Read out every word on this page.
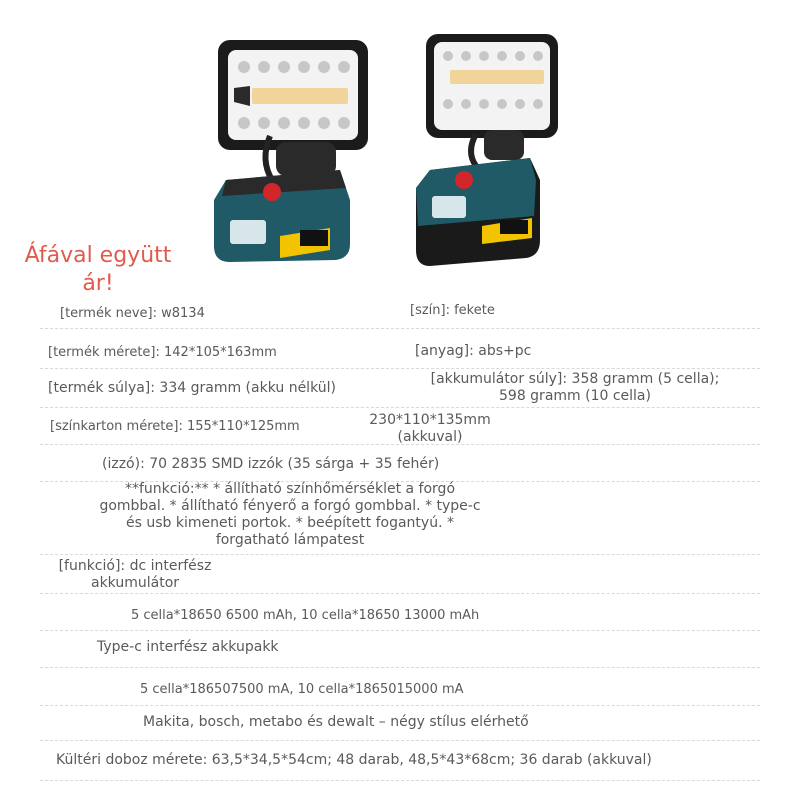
Áfával együtt
ár!
[termék neve]: w8134	[szín]: fekete
[termék mérete]: 142*105*163mm	[anyag]: abs+pc
[termék súlya]: 334 gramm (akku nélkül)
[akkumulátor súly]: 358 gramm (5 cella);
598 gramm (10 cella)
[színkarton mérete]: 155*110*125mm	230*110*135mm
(akkuval)
(izzó): 70 2835 SMD izzók (35 sárga + 35 fehér)
**funkció:** * állítható színhőmérséklet a forgó
gombbal. * állítható fényerő a forgó gombbal. * type-c
és usb kimeneti portok. * beépített fogantyú. *
forgatható lámpatest
[funkció]: dc interfész
akkumulátor
5 cella*18650 6500 mAh, 10 cella*18650 13000 mAh
Type-c interfész akkupakk
5 cella*186507500 mA, 10 cella*1865015000 mA
Makita, bosch, metabo és dewalt – négy stílus elérhető
Kültéri doboz mérete: 63,5*34,5*54cm; 48 darab, 48,5*43*68cm; 36 darab (akkuval)
